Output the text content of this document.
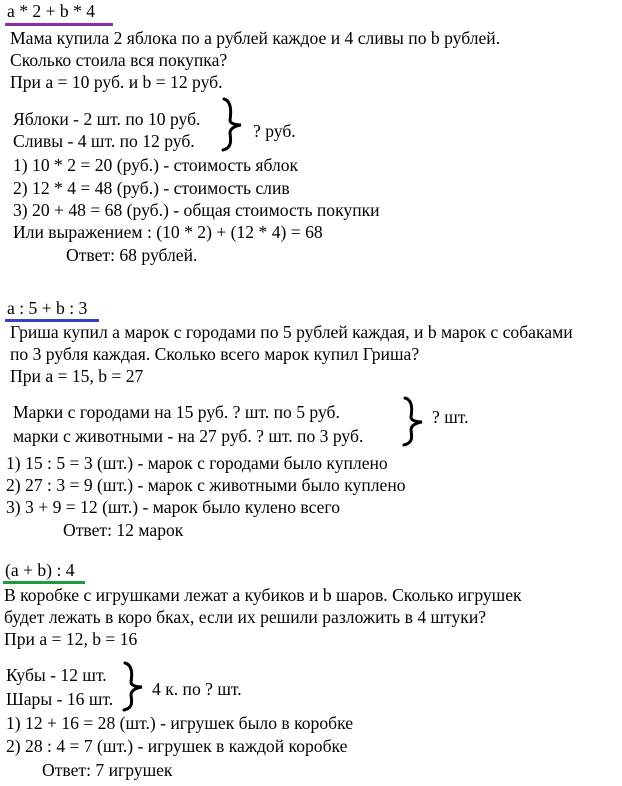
a * 2 + b * 4
Мама купила 2 яблока по a рублей каждое и 4 сливы по b рублей.
Сколько стоила вся покупка?
При a = 10 руб. и b = 12 руб.
Яблоки - 2 шт. по 10 руб.
Сливы - 4 шт. по 12 руб.	? руб.
1) 10 * 2 = 20 (руб.) - стоимость яблок
2) 12 * 4 = 48 (руб.) - стоимость слив
3) 20 + 48 = 68 (руб.) - общая стоимость покупки
Или выражением : (10 * 2) + (12 * 4) = 68
Ответ: 68 рублей.
a : 5 + b : 3
Гриша купил a марок с городами по 5 рублей каждая, и b марок с собаками
по 3 рубля каждая. Сколько всего марок купил Гриша?
При a = 15, b = 27
Марки с городами на 15 руб. ? шт. по 5 руб.
марки с животными - на 27 руб. ? шт. по 3 руб.
? шт.
1) 15 : 5 = 3 (шт.) - марок с городами было куплено
2) 27 : 3 = 9 (шт.) - марок с животными было куплено
3) 3 + 9 = 12 (шт.) - марок было кулено всего
Ответ: 12 марок
(a + b) : 4
В коробке с игрушками лежат a кубиков и b шаров. Сколько игрушек
будет лежать в коро бках, если их решили разложить в 4 штуки?
При a = 12, b = 16
Кубы - 12 шт.
Шары - 16 шт. 4 к. по ? шт.
1) 12 + 16 = 28 (шт.) - игрушек было в коробке
2) 28 : 4 = 7 (шт.) - игрушек в каждой коробке
Ответ: 7 игрушек
